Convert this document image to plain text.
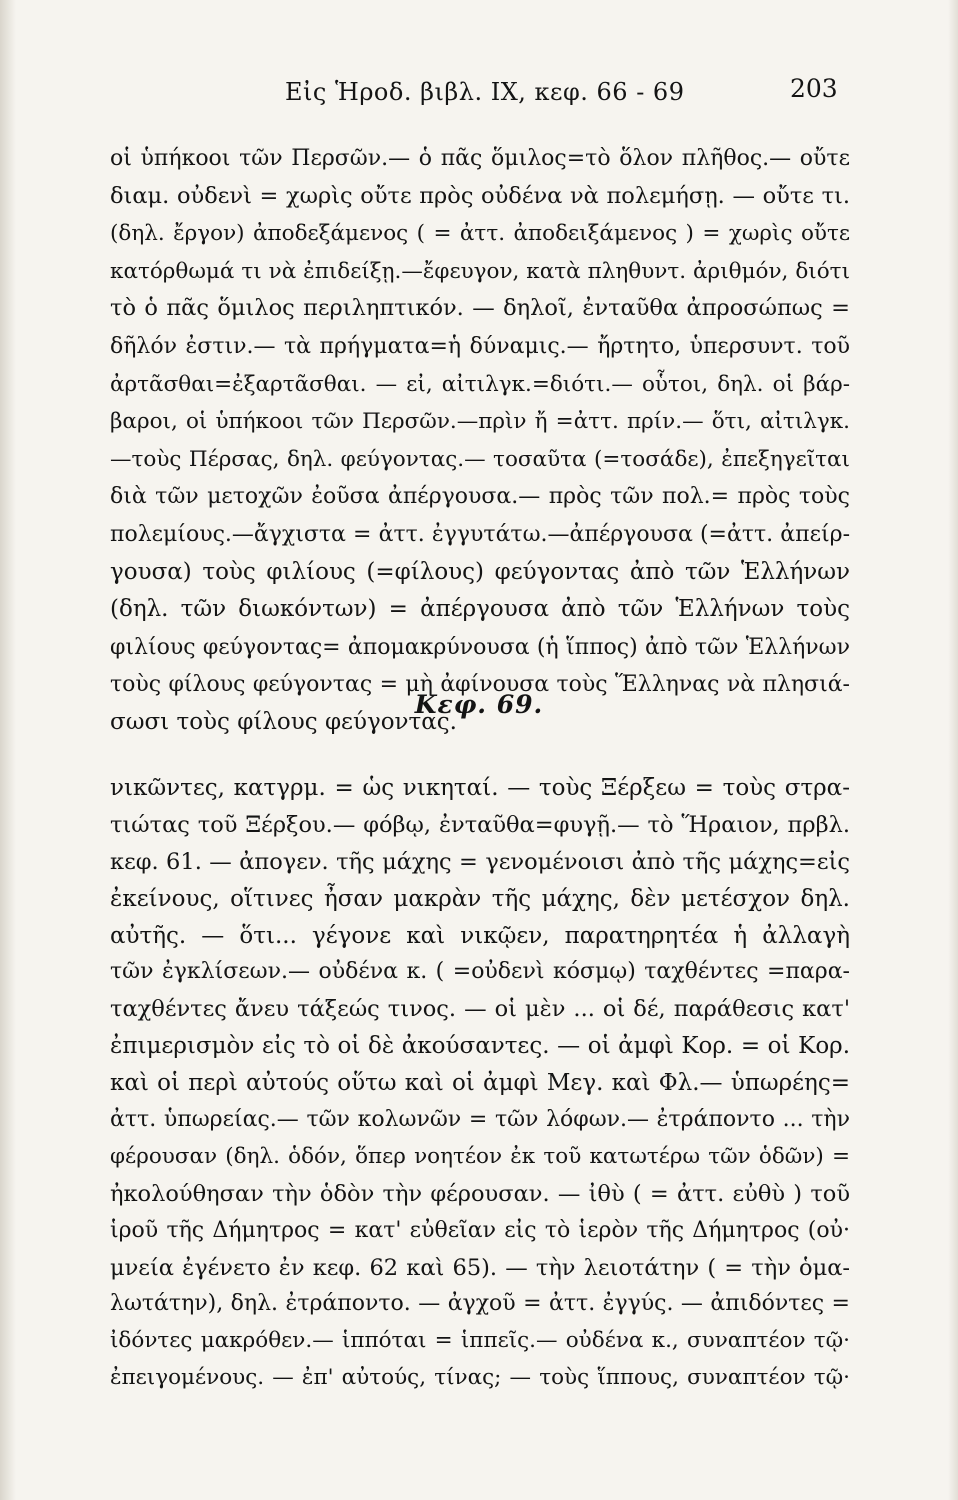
Εἰς Ἡροδ. βιβλ. IX, κεφ. 66 - 69	203
οἱ ὑπήκοοι τῶν Περσῶν.— ὁ πᾶς ὅμιλος=τὸ ὅλον πλῆθος.— οὔτε
διαμ. οὐδενὶ = χωρὶς οὔτε πρὸς οὐδένα νὰ πολεμήσῃ. — οὔτε τι.
(δηλ. ἔργον) ἀποδεξάμενος ( = ἀττ. ἀποδειξάμενος ) = χωρὶς οὔτε
κατόρθωμά τι νὰ ἐπιδείξῃ.—ἔφευγον, κατὰ πληθυντ. ἀριθμόν, διότι
τὸ ὁ πᾶς ὅμιλος περιληπτικόν. — δηλοῖ, ἐνταῦθα ἀπροσώπως =
δῆλόν ἐστιν.— τὰ πρήγματα=ἡ δύναμις.— ἤρτητο, ὑπερσυντ. τοῦ
ἀρτᾶσθαι=ἐξαρτᾶσθαι. — εἰ, αἰτιλγκ.=διότι.— οὗτοι, δηλ. οἱ βάρ-
βαροι, οἱ ὑπήκοοι τῶν Περσῶν.—πρὶν ἤ =ἀττ. πρίν.— ὅτι, αἰτιλγκ.
—τοὺς Πέρσας, δηλ. φεύγοντας.— τοσαῦτα (=τοσάδε), ἐπεξηγεῖται
διὰ τῶν μετοχῶν ἐοῦσα ἀπέργουσα.— πρὸς τῶν πολ.= πρὸς τοὺς
πολεμίους.—ἄγχιστα = ἀττ. ἐγγυτάτω.—ἀπέργουσα (=ἀττ. ἀπείρ-
γουσα) τοὺς φιλίους (=φίλους) φεύγοντας ἀπὸ τῶν Ἑλλήνων
(δηλ. τῶν διωκόντων) = ἀπέργουσα ἀπὸ τῶν Ἑλλήνων τοὺς
φιλίους φεύγοντας= ἀπομακρύνουσα (ἡ ἵππος) ἀπὸ τῶν Ἑλλήνων
τοὺς φίλους φεύγοντας = μὴ ἀφίνουσα τοὺς Ἕλληνας νὰ πλησιά-
σωσι τοὺς φίλους φεύγοντας.
Κεφ. 69.
νικῶντες, κατγρμ. = ὡς νικηταί. — τοὺς Ξέρξεω = τοὺς στρα-
τιώτας τοῦ Ξέρξου.— φόβῳ, ἐνταῦθα=φυγῇ.— τὸ Ἥραιον, πρβλ.
κεφ. 61. — ἀπογεν. τῆς μάχης = γενομένοισι ἀπὸ τῆς μάχης=εἰς
ἐκείνους, οἵτινες ἦσαν μακρὰν τῆς μάχης, δὲν μετέσχον δηλ.
αὐτῆς. — ὅτι... γέγονε καὶ νικῷεν, παρατηρητέα ἡ ἀλλαγὴ
τῶν ἐγκλίσεων.— οὐδένα κ. ( =οὐδενὶ κόσμῳ) ταχθέντες =παρα-
ταχθέντες ἄνευ τάξεώς τινος. — οἱ μὲν ... οἱ δέ, παράθεσις κατ'
ἐπιμερισμὸν εἰς τὸ οἱ δὲ ἀκούσαντες. — οἱ ἀμφὶ Κορ. = οἱ Κορ.
καὶ οἱ περὶ αὐτούς οὕτω καὶ οἱ ἀμφὶ Μεγ. καὶ Φλ.— ὑπωρέης=
ἀττ. ὑπωρείας.— τῶν κολωνῶν = τῶν λόφων.— ἐτράποντο ... τὴν
φέρουσαν (δηλ. ὁδόν, ὅπερ νοητέον ἐκ τοῦ κατωτέρω τῶν ὁδῶν) =
ἠκολούθησαν τὴν ὁδὸν τὴν φέρουσαν. — ἰθὺ ( = ἀττ. εὐθὺ ) τοῦ
ἱροῦ τῆς Δήμητρος = κατ' εὐθεῖαν εἰς τὸ ἱερὸν τῆς Δήμητρος (οὐ·
μνεία ἐγένετο ἐν κεφ. 62 καὶ 65). — τὴν λειοτάτην ( = τὴν ὁμα-
λωτάτην), δηλ. ἐτράποντο. — ἀγχοῦ = ἀττ. ἐγγύς. — ἀπιδόντες =
ἰδόντες μακρόθεν.— ἱππόται = ἱππεῖς.— οὐδένα κ., συναπτέον τῷ·
ἐπειγομένους. — ἐπ' αὐτούς, τίνας; — τοὺς ἵππους, συναπτέον τῷ·
